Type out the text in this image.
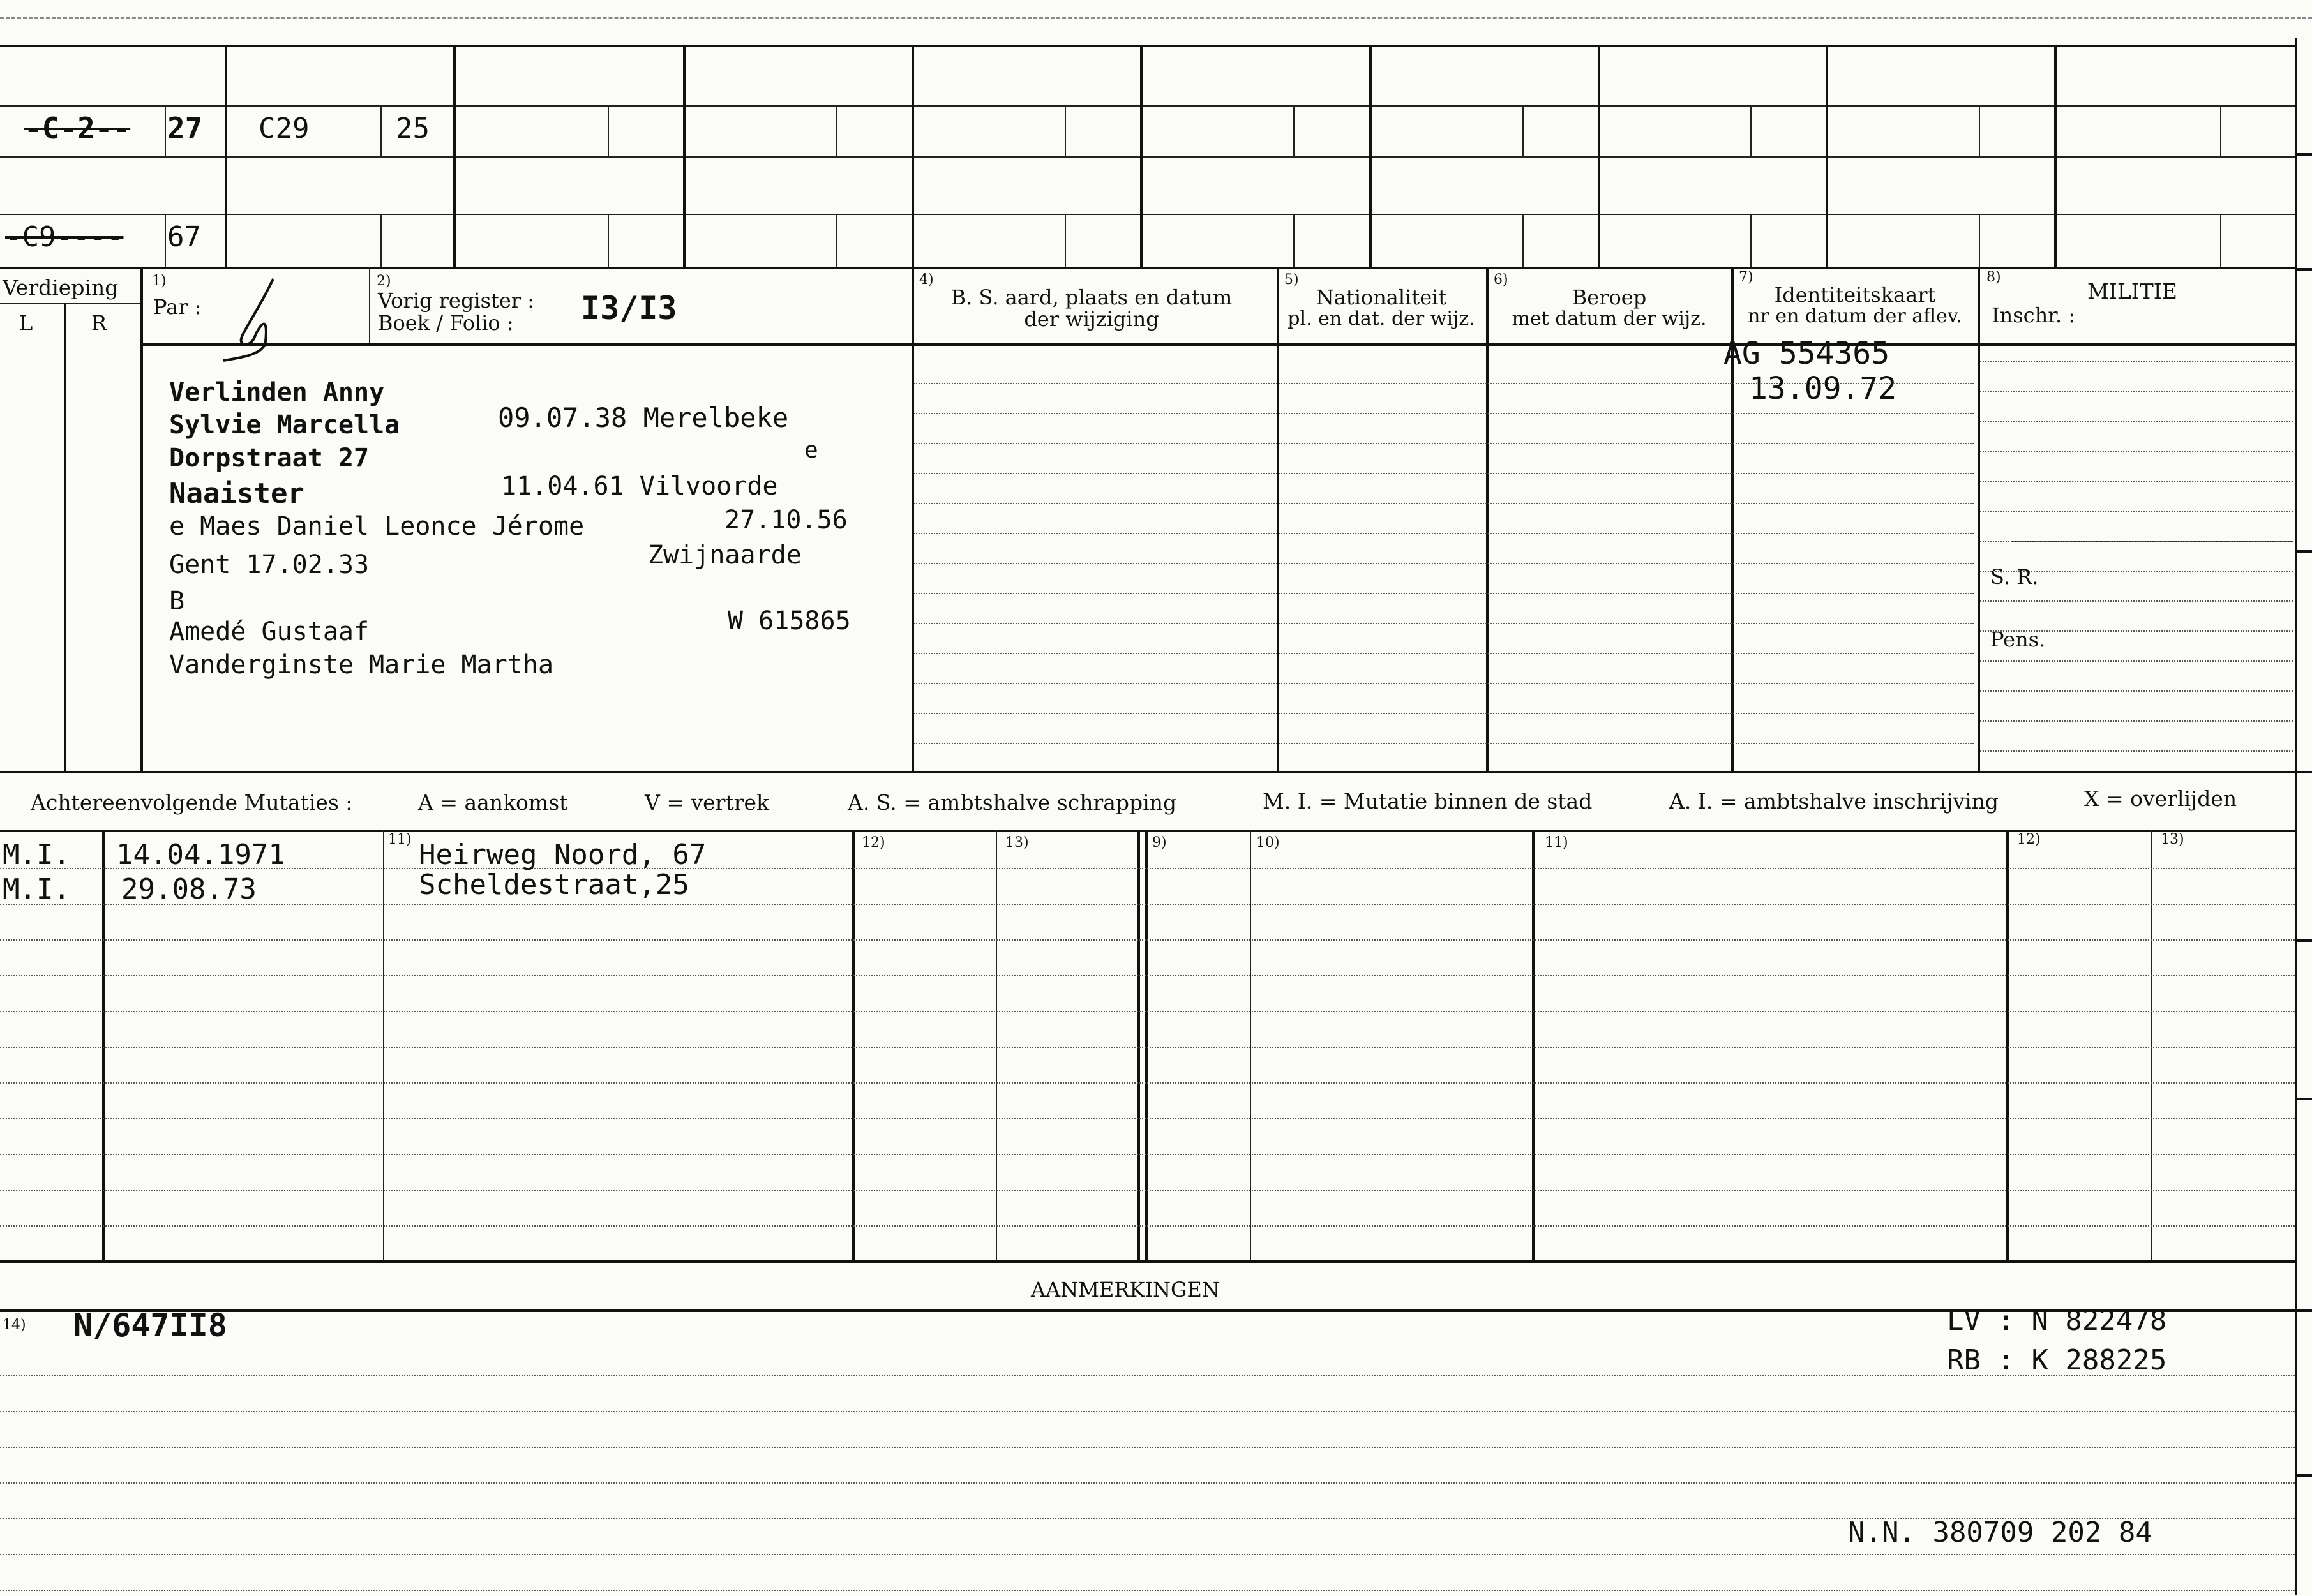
-C-2-- 27 C29	25
-C9---- 67
Verdieping
L	R
1)
Par :
2)
Vorig register :
Boek / Folio : I3/I3
4)
B. S. aard, plaats en datum
der wijziging
5)
Nationaliteit
pl. en dat. der wijz.
6)
Beroep
met datum der wijz.
7)
Identiteitskaart
nr en datum der aflev.
8)
MILITIE
Inschr. :
S. R.
Pens.
Verlinden Anny
Sylvie Marcella	09.07.38 Merelbeke
Dorpstraat 27	e
Naaister	11.04.61 Vilvoorde
e Maes Daniel Leonce Jérome	27.10.56
Gent 17.02.33	Zwijnaarde
B
Amedé Gustaaf	W 615865
Vanderginste Marie Martha
AG 554365
13.09.72
Achtereenvolgende Mutaties :	A = aankomst	V = vertrek	A. S. = ambtshalve schrapping	M. I. = Mutatie binnen de stad	A. I. = ambtshalve inschrijving	X = overlijden
11)	12)	13)	9)	10)	11)	12)	13)
M.I. 14.04.1971	Heirweg Noord, 67
M.I. 29.08.73	Scheldestraat,25
AANMERKINGEN
14) N/647II8	LV : N 822478
RB : K 288225
N.N. 380709 202 84
